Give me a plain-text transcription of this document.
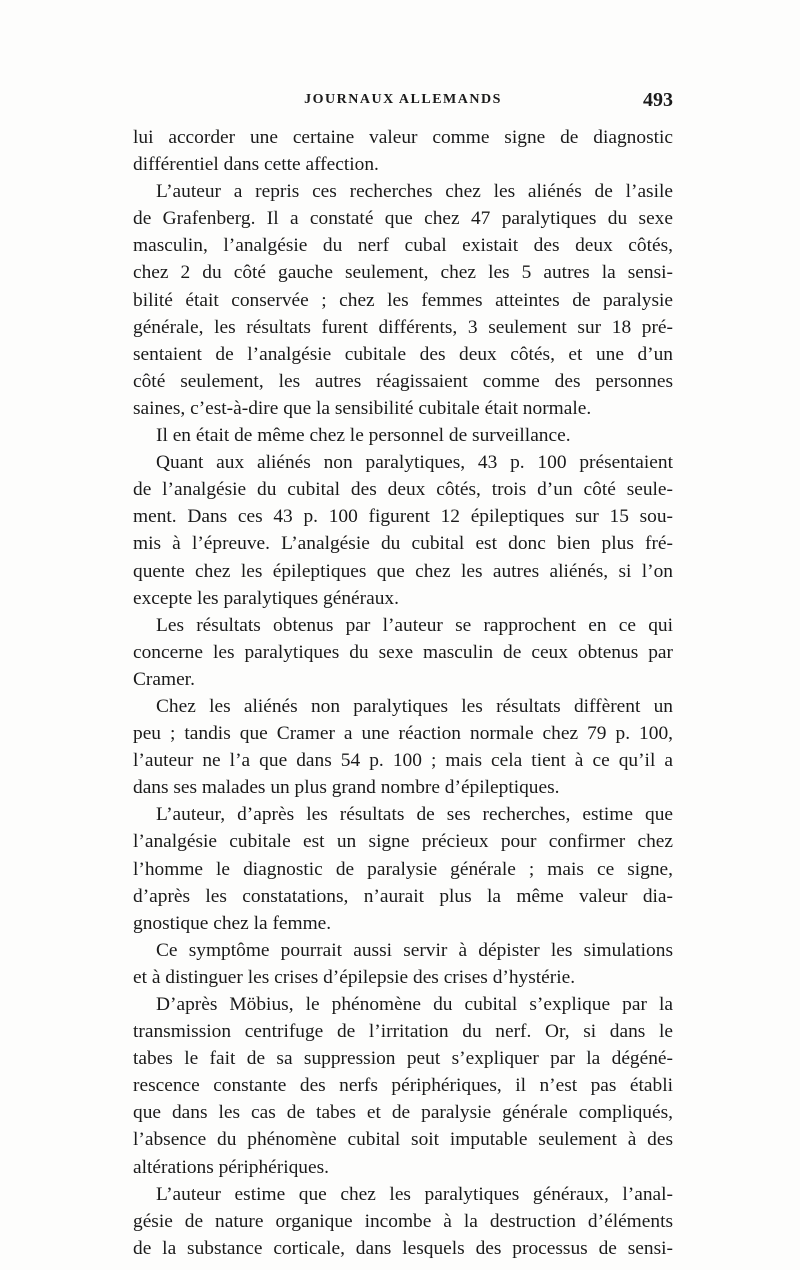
JOURNAUX ALLEMANDS	493

lui accorder une certaine valeur comme signe de diagnostic
différentiel dans cette affection.

L’auteur a repris ces recherches chez les aliénés de l’asile
de Grafenberg. Il a constaté que chez 47 paralytiques du sexe
masculin, l’analgésie du nerf cubal existait des deux côtés,
chez 2 du côté gauche seulement, chez les 5 autres la sensi-
bilité était conservée ; chez les femmes atteintes de paralysie
générale, les résultats furent différents, 3 seulement sur 18 pré-
sentaient de l’analgésie cubitale des deux côtés, et une d’un
côté seulement, les autres réagissaient comme des personnes
saines, c’est-à-dire que la sensibilité cubitale était normale.

Il en était de même chez le personnel de surveillance.

Quant aux aliénés non paralytiques, 43 p. 100 présentaient
de l’analgésie du cubital des deux côtés, trois d’un côté seule-
ment. Dans ces 43 p. 100 figurent 12 épileptiques sur 15 sou-
mis à l’épreuve. L’analgésie du cubital est donc bien plus fré-
quente chez les épileptiques que chez les autres aliénés, si l’on
excepte les paralytiques généraux.

Les résultats obtenus par l’auteur se rapprochent en ce qui
concerne les paralytiques du sexe masculin de ceux obtenus par
Cramer.

Chez les aliénés non paralytiques les résultats diffèrent un
peu ; tandis que Cramer a une réaction normale chez 79 p. 100,
l’auteur ne l’a que dans 54 p. 100 ; mais cela tient à ce qu’il a
dans ses malades un plus grand nombre d’épileptiques.

L’auteur, d’après les résultats de ses recherches, estime que
l’analgésie cubitale est un signe précieux pour confirmer chez
l’homme le diagnostic de paralysie générale ; mais ce signe,
d’après les constatations, n’aurait plus la même valeur dia-
gnostique chez la femme.

Ce symptôme pourrait aussi servir à dépister les simulations
et à distinguer les crises d’épilepsie des crises d’hystérie.

D’après Möbius, le phénomène du cubital s’explique par la
transmission centrifuge de l’irritation du nerf. Or, si dans le
tabes le fait de sa suppression peut s’expliquer par la dégéné-
rescence constante des nerfs périphériques, il n’est pas établi
que dans les cas de tabes et de paralysie générale compliqués,
l’absence du phénomène cubital soit imputable seulement à des
altérations périphériques.

L’auteur estime que chez les paralytiques généraux, l’anal-
gésie de nature organique incombe à la destruction d’éléments
de la substance corticale, dans lesquels des processus de sensi-
